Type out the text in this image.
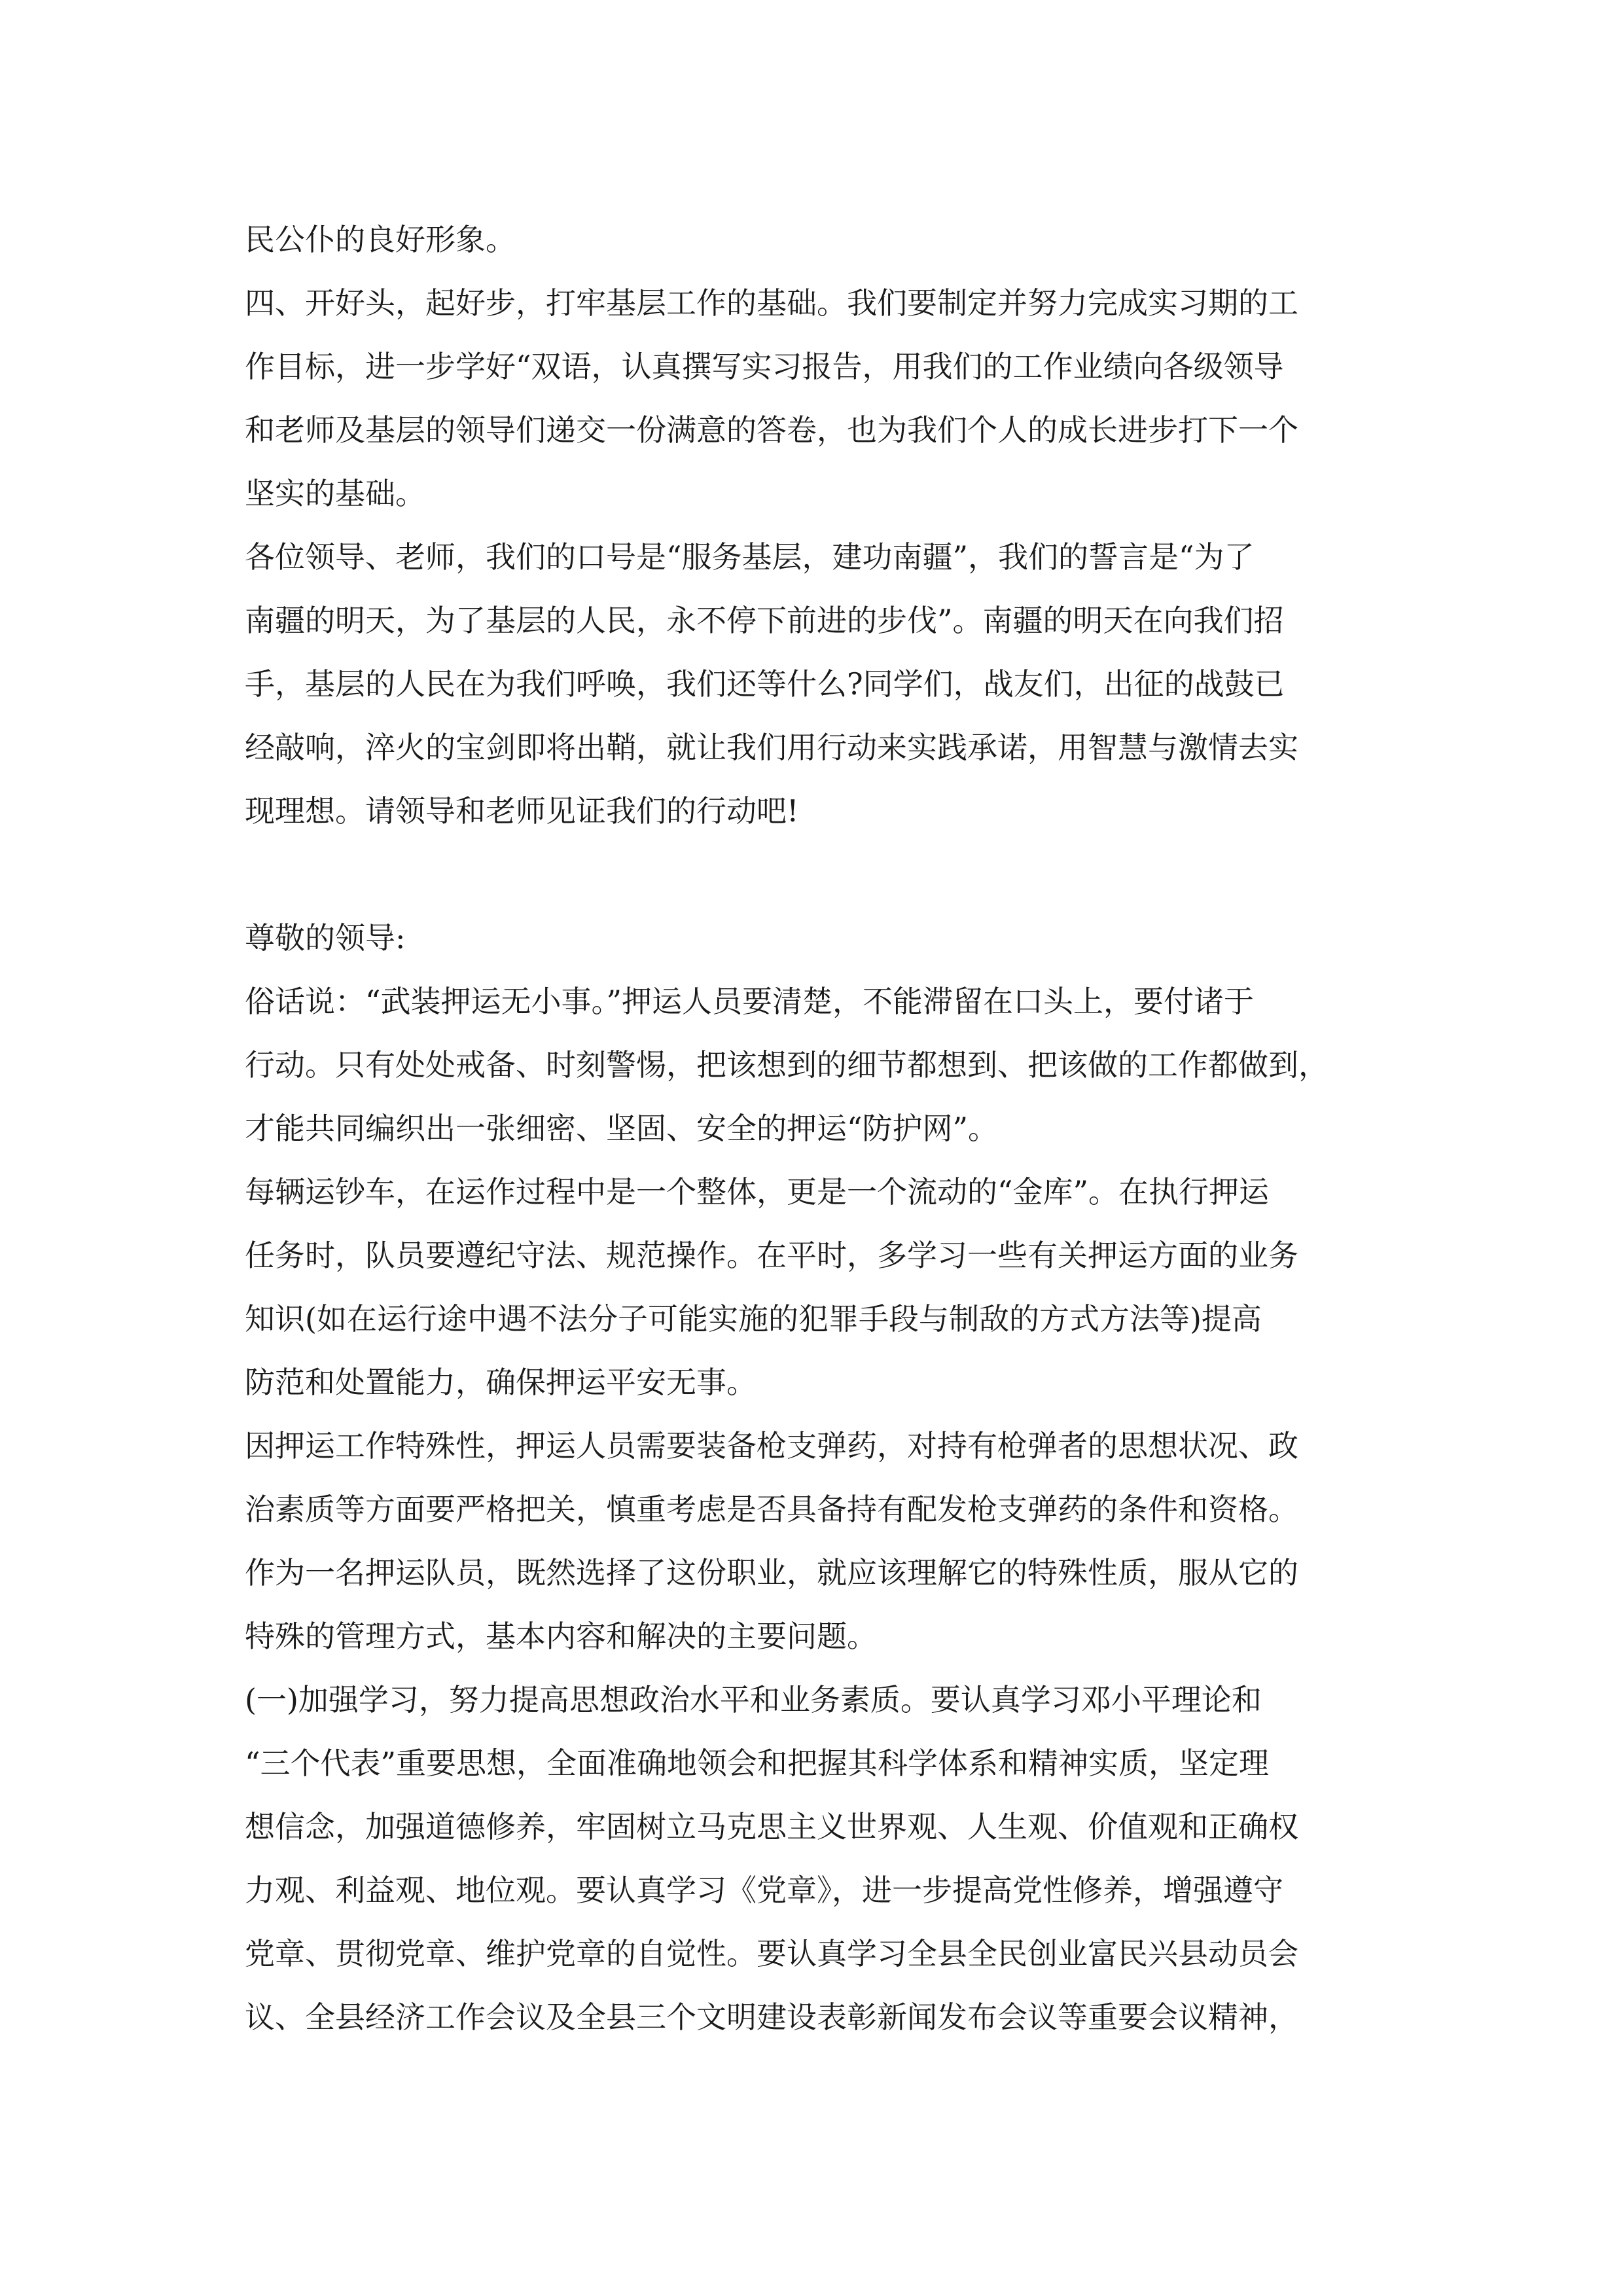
民公仆的良好形象。
四、开好头，起好步，打牢基层工作的基础。我们要制定并努力完成实习期的工
作目标，进一步学好“双语，认真撰写实习报告，用我们的工作业绩向各级领导
和老师及基层的领导们递交一份满意的答卷，也为我们个人的成长进步打下一个
坚实的基础。
各位领导、老师，我们的口号是“服务基层，建功南疆”，我们的誓言是“为了
南疆的明天，为了基层的人民，永不停下前进的步伐”。南疆的明天在向我们招
手，基层的人民在为我们呼唤，我们还等什么?同学们，战友们，出征的战鼓已
经敲响，淬火的宝剑即将出鞘，就让我们用行动来实践承诺，用智慧与激情去实
现理想。请领导和老师见证我们的行动吧!
尊敬的领导:
俗话说：“武装押运无小事。”押运人员要清楚，不能滞留在口头上，要付诸于
行动。只有处处戒备、时刻警惕，把该想到的细节都想到、把该做的工作都做到，
才能共同编织出一张细密、坚固、安全的押运“防护网”。
每辆运钞车，在运作过程中是一个整体，更是一个流动的“金库”。在执行押运
任务时，队员要遵纪守法、规范操作。在平时，多学习一些有关押运方面的业务
知识(如在运行途中遇不法分子可能实施的犯罪手段与制敌的方式方法等)提高
防范和处置能力，确保押运平安无事。
因押运工作特殊性，押运人员需要装备枪支弹药，对持有枪弹者的思想状况、政
治素质等方面要严格把关，慎重考虑是否具备持有配发枪支弹药的条件和资格。
作为一名押运队员，既然选择了这份职业，就应该理解它的特殊性质，服从它的
特殊的管理方式，基本内容和解决的主要问题。
(一)加强学习，努力提高思想政治水平和业务素质。要认真学习邓小平理论和
“三个代表”重要思想，全面准确地领会和把握其科学体系和精神实质，坚定理
想信念，加强道德修养，牢固树立马克思主义世界观、人生观、价值观和正确权
力观、利益观、地位观。要认真学习《党章》，进一步提高党性修养，增强遵守
党章、贯彻党章、维护党章的自觉性。要认真学习全县全民创业富民兴县动员会
议、全县经济工作会议及全县三个文明建设表彰新闻发布会议等重要会议精神，
